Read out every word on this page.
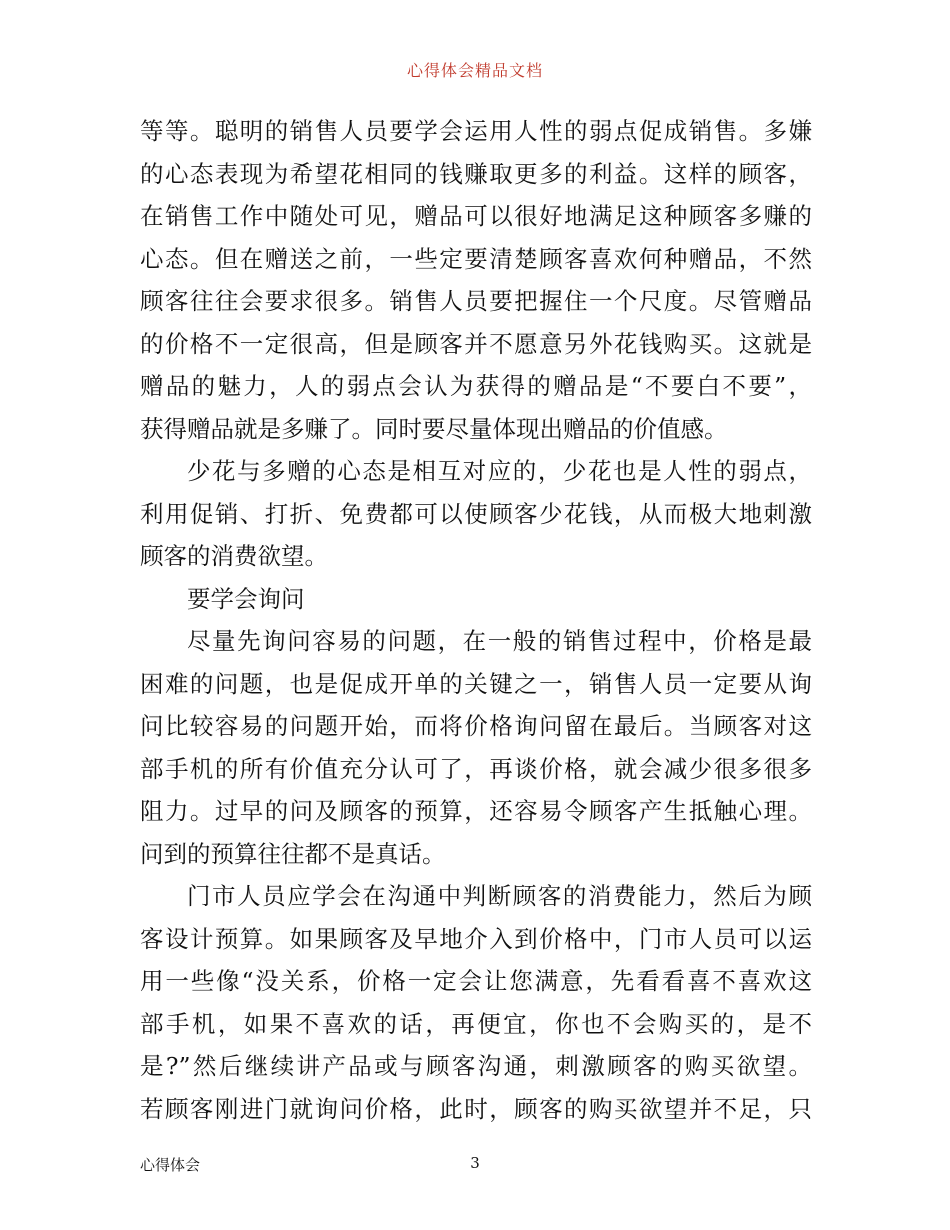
心得体会精品文档
等等。聪明的销售人员要学会运用人性的弱点促成销售。多嫌
的心态表现为希望花相同的钱赚取更多的利益。这样的顾客，
在销售工作中随处可见，赠品可以很好地满足这种顾客多赚的
心态。但在赠送之前，一些定要清楚顾客喜欢何种赠品，不然
顾客往往会要求很多。销售人员要把握住一个尺度。尽管赠品
的价格不一定很高，但是顾客并不愿意另外花钱购买。这就是
赠品的魅力，人的弱点会认为获得的赠品是“不要白不要”，
获得赠品就是多赚了。同时要尽量体现出赠品的价值感。
少花与多赠的心态是相互对应的，少花也是人性的弱点，
利用促销、打折、免费都可以使顾客少花钱，从而极大地刺激
顾客的消费欲望。
要学会询问
尽量先询问容易的问题，在一般的销售过程中，价格是最
困难的问题，也是促成开单的关键之一，销售人员一定要从询
问比较容易的问题开始，而将价格询问留在最后。当顾客对这
部手机的所有价值充分认可了，再谈价格，就会减少很多很多
阻力。过早的问及顾客的预算，还容易令顾客产生抵触心理。
问到的预算往往都不是真话。
门市人员应学会在沟通中判断顾客的消费能力，然后为顾
客设计预算。如果顾客及早地介入到价格中，门市人员可以运
用一些像“没关系，价格一定会让您满意，先看看喜不喜欢这
部手机，如果不喜欢的话，再便宜，你也不会购买的，是不
是?”然后继续讲产品或与顾客沟通，刺激顾客的购买欲望。
若顾客刚进门就询问价格，此时，顾客的购买欲望并不足，只
心得体会	3
